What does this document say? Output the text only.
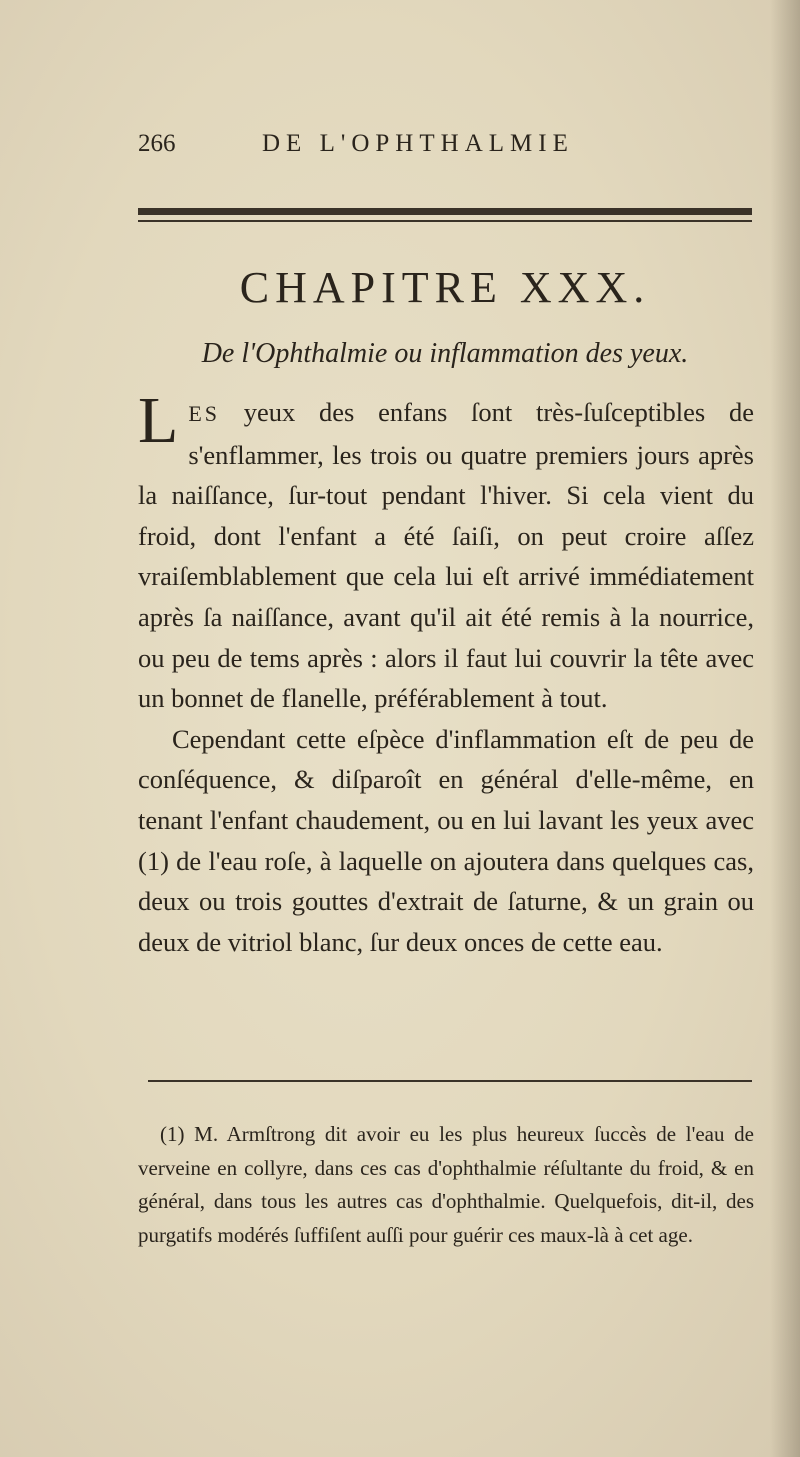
266	DE L'OPHTHALMIE
CHAPITRE XXX.
De l'Ophthalmie ou inflammation des yeux.

LES yeux des enfans ſont très-ſuſceptibles de s'enflammer, les trois ou quatre premiers jours après la naiſſance, ſur-tout pendant l'hiver. Si cela vient du froid, dont l'enfant a été ſaiſi, on peut croire aſſez vraiſemblablement que cela lui eſt arrivé immédiatement après ſa naiſſance, avant qu'il ait été remis à la nourrice, ou peu de tems après : alors il faut lui couvrir la tête avec un bonnet de flanelle, préférablement à tout.

Cependant cette eſpèce d'inflammation eſt de peu de conſéquence, & diſparoît en général d'elle-même, en tenant l'enfant chaudement, ou en lui lavant les yeux avec (1) de l'eau roſe, à laquelle on ajoutera dans quelques cas, deux ou trois gouttes d'extrait de ſaturne, & un grain ou deux de vitriol blanc, ſur deux onces de cette eau.

(1) M. Armſtrong dit avoir eu les plus heureux ſuccès de l'eau de verveine en collyre, dans ces cas d'ophthalmie réſultante du froid, & en général, dans tous les autres cas d'ophthalmie. Quelquefois, dit-il, des purgatifs modérés ſuffiſent auſſi pour guérir ces maux-là à cet age.
